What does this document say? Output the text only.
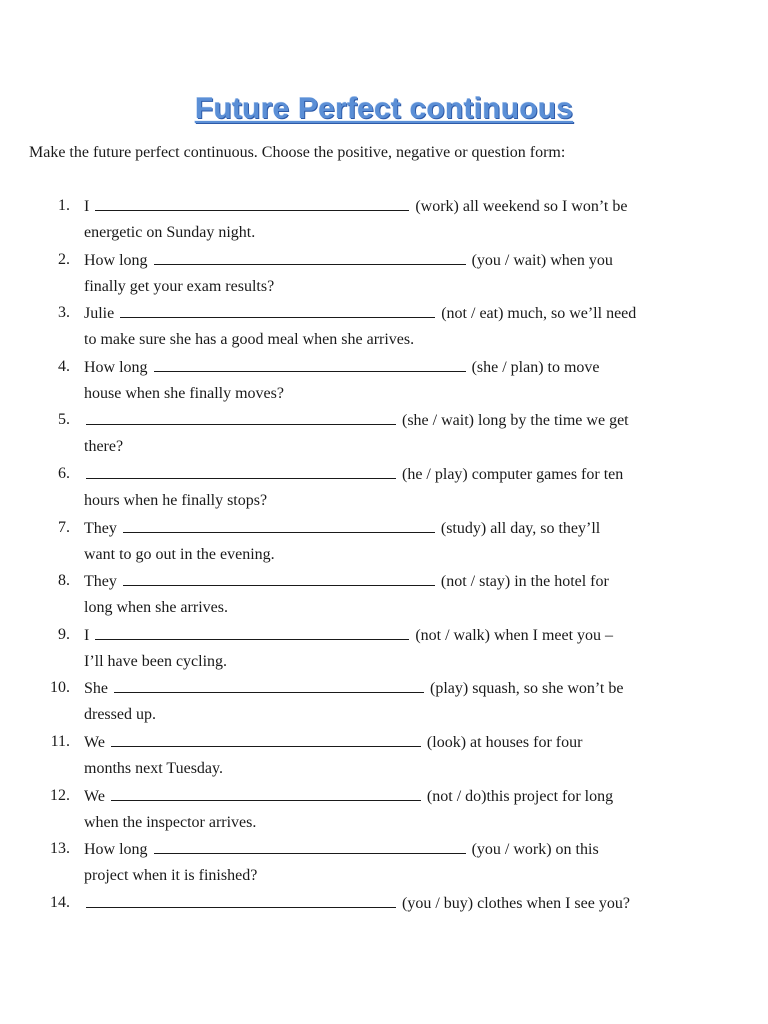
Future Perfect continuous
Make the future perfect continuous. Choose the positive, negative or question form:
1. I	(work) all weekend so I won’t be
energetic on Sunday night.
2. How long	(you / wait) when you
finally get your exam results?
3. Julie	(not / eat) much, so we’ll need
to make sure she has a good meal when she arrives.
4. How long	(she / plan) to move
house when she finally moves?
5.	(she / wait) long by the time we get
there?
6.	(he / play) computer games for ten
hours when he finally stops?
7. They	(study) all day, so they’ll
want to go out in the evening.
8. They	(not / stay) in the hotel for
long when she arrives.
9. I	(not / walk) when I meet you –
I’ll have been cycling.
10. She	(play) squash, so she won’t be
dressed up.
11. We	(look) at houses for four
months next Tuesday.
12. We	(not / do)this project for long
when the inspector arrives.
13. How long	(you / work) on this
project when it is finished?
14.	(you / buy) clothes when I see you?
